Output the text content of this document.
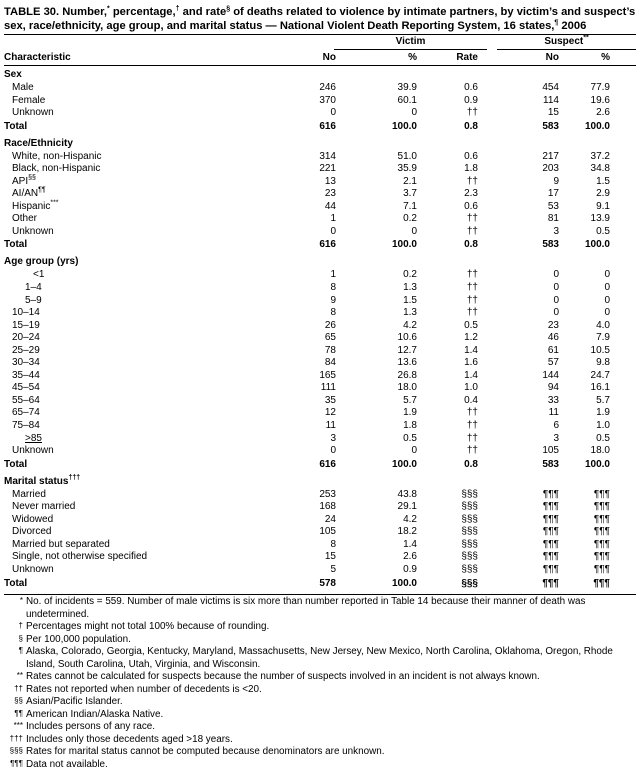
TABLE 30. Number,* percentage,† and rate§ of deaths related to violence by intimate partners, by victim’s and suspect’s sex, race/ethnicity, age group, and marital status — National Violent Death Reporting System, 16 states,¶ 2006
Victim	Suspect**
Characteristic	No	%	Rate	No	%
Sex
Male	246	39.9	0.6	454	77.9
Female	370	60.1	0.9	114	19.6
Unknown	0	0	††	15	2.6
Total	616	100.0	0.8	583	100.0
Race/Ethnicity
White, non-Hispanic	314	51.0	0.6	217	37.2
Black, non-Hispanic	221	35.9	1.8	203	34.8
API§§	13	2.1	††	9	1.5
AI/AN¶¶	23	3.7	2.3	17	2.9
Hispanic***	44	7.1	0.6	53	9.1
Other	1	0.2	††	81	13.9
Unknown	0	0	††	3	0.5
Total	616	100.0	0.8	583	100.0
Age group (yrs)
<1	1	0.2	††	0	0
1–4	8	1.3	††	0	0
5–9	9	1.5	††	0	0
10–14	8	1.3	††	0	0
15–19	26	4.2	0.5	23	4.0
20–24	65	10.6	1.2	46	7.9
25–29	78	12.7	1.4	61	10.5
30–34	84	13.6	1.6	57	9.8
35–44	165	26.8	1.4	144	24.7
45–54	111	18.0	1.0	94	16.1
55–64	35	5.7	0.4	33	5.7
65–74	12	1.9	††	11	1.9
75–84	11	1.8	††	6	1.0
>85	3	0.5	††	3	0.5
Unknown	0	0	††	105	18.0
Total	616	100.0	0.8	583	100.0
Marital status†††
Married	253	43.8	§§§	¶¶¶	¶¶¶
Never married	168	29.1	§§§	¶¶¶	¶¶¶
Widowed	24	4.2	§§§	¶¶¶	¶¶¶
Divorced	105	18.2	§§§	¶¶¶	¶¶¶
Married but separated	8	1.4	§§§	¶¶¶	¶¶¶
Single, not otherwise specified	15	2.6	§§§	¶¶¶	¶¶¶
Unknown	5	0.9	§§§	¶¶¶	¶¶¶
Total	578	100.0	§§§	¶¶¶	¶¶¶
* No. of incidents = 559. Number of male victims is six more than number reported in Table 14 because their manner of death was undetermined.
† Percentages might not total 100% because of rounding.
§ Per 100,000 population.
¶ Alaska, Colorado, Georgia, Kentucky, Maryland, Massachusetts, New Jersey, New Mexico, North Carolina, Oklahoma, Oregon, Rhode Island, South Carolina, Utah, Virginia, and Wisconsin.
** Rates cannot be calculated for suspects because the number of suspects involved in an incident is not always known.
†† Rates not reported when number of decedents is <20.
§§ Asian/Pacific Islander.
¶¶ American Indian/Alaska Native.
*** Includes persons of any race.
††† Includes only those decedents aged >18 years.
§§§ Rates for marital status cannot be computed because denominators are unknown.
¶¶¶ Data not available.
